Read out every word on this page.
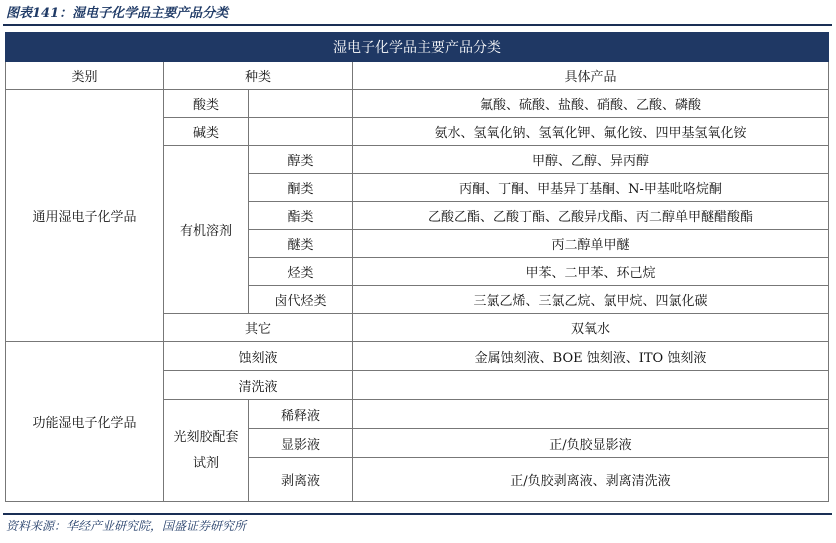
图表141：湿电子化学品主要产品分类
湿电子化学品主要产品分类			
类别	种类		具体产品
通用湿电子化学品	酸类		氟酸、硫酸、盐酸、硝酸、乙酸、磷酸
	碱类		氨水、氢氧化钠、氢氧化钾、氟化铵、四甲基氢氧化铵
	有机溶剂	醇类	甲醇、乙醇、异丙醇
		酮类	丙酮、丁酮、甲基异丁基酮、N-甲基吡咯烷酮
		酯类	乙酸乙酯、乙酸丁酯、乙酸异戊酯、丙二醇单甲醚醋酸酯
		醚类	丙二醇单甲醚
		烃类	甲苯、二甲苯、环己烷
		卤代烃类	三氯乙烯、三氯乙烷、氯甲烷、四氯化碳
	其它		双氧水
功能湿电子化学品	蚀刻液		金属蚀刻液、BOE 蚀刻液、ITO 蚀刻液
	清洗液		

	光刻胶配套试剂	稀释液	
		显影液	正/负胶显影液
		剥离液	正/负胶剥离液、剥离清洗液
资料来源：华经产业研究院，国盛证券研究所
